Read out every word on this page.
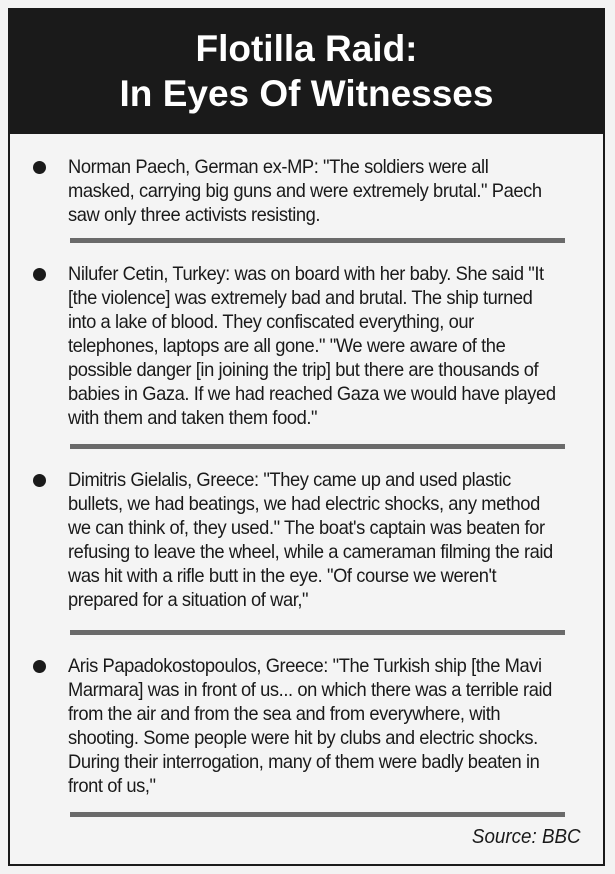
Flotilla Raid:
In Eyes Of Witnesses

Norman Paech, German ex-MP: "The soldiers were all masked, carrying big guns and were extremely brutal." Paech saw only three activists resisting.

Nilufer Cetin, Turkey: was on board with her baby. She said "It [the violence] was extremely bad and brutal. The ship turned into a lake of blood. They confiscated everything, our telephones, laptops are all gone." "We were aware of the possible danger [in joining the trip] but there are thousands of babies in Gaza. If we had reached Gaza we would have played with them and taken them food."

Dimitris Gielalis, Greece: "They came up and used plastic bullets, we had beatings, we had electric shocks, any method we can think of, they used." The boat's captain was beaten for refusing to leave the wheel, while a cameraman filming the raid was hit with a rifle butt in the eye. "Of course we weren't prepared for a situation of war,"

Aris Papadokostopoulos, Greece: "The Turkish ship [the Mavi Marmara] was in front of us... on which there was a terrible raid from the air and from the sea and from everywhere, with shooting. Some people were hit by clubs and electric shocks. During their interrogation, many of them were badly beaten in front of us,"

Source: BBC
